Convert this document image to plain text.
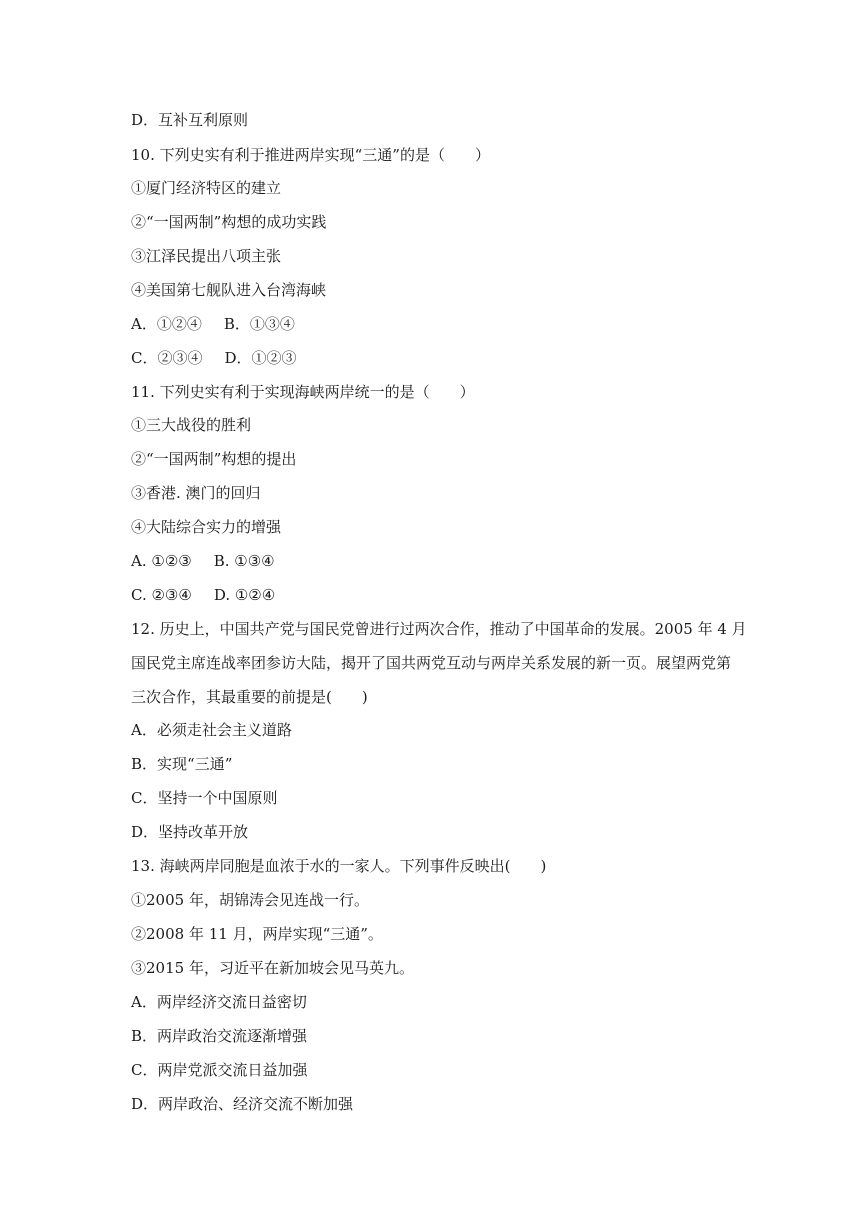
D．互补互利原则
10. 下列史实有利于推进两岸实现“三通”的是（　　）
①厦门经济特区的建立
②“一国两制”构想的成功实践
③江泽民提出八项主张
④美国第七舰队进入台湾海峡
A．①②④ B．①③④
C．②③④ D．①②③
11. 下列史实有利于实现海峡两岸统一的是（　　）
①三大战役的胜利
②“一国两制”构想的提出
③香港. 澳门的回归
④大陆综合实力的增强
A. ①②③ B. ①③④
C. ②③④ D. ①②④
12. 历史上，中国共产党与国民党曾进行过两次合作，推动了中国革命的发展。2005 年 4 月
国民党主席连战率团参访大陆，揭开了国共两党互动与两岸关系发展的新一页。展望两党第
三次合作，其最重要的前提是(　　)
A．必须走社会主义道路
B．实现“三通”
C．坚持一个中国原则
D．坚持改革开放
13. 海峡两岸同胞是血浓于水的一家人。下列事件反映出(　　)
①2005 年，胡锦涛会见连战一行。
②2008 年 11 月，两岸实现“三通”。
③2015 年，习近平在新加坡会见马英九。
A．两岸经济交流日益密切
B．两岸政治交流逐渐增强
C．两岸党派交流日益加强
D．两岸政治、经济交流不断加强
